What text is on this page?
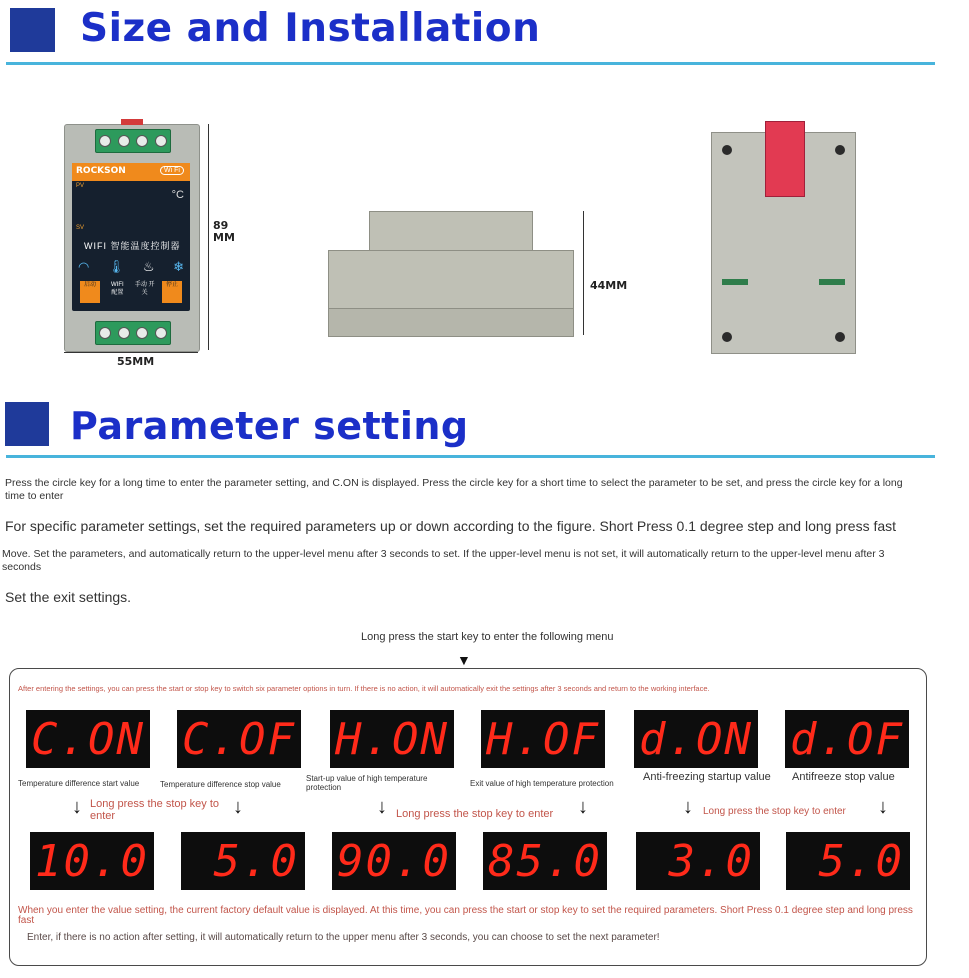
Size and Installation
ROCKSON	Wi Fi
PV
°C
SV
WIFI 智能温度控制器
◠ 🌡 ♨ ❄
启动	WIFI 配置
手动 开关
停止
89
MM
55MM
44MM
Parameter setting
Press the circle key for a long time to enter the parameter setting, and C.ON is displayed. Press the circle key for a short time to select the parameter to be set, and press the circle key for a long time to enter
For specific parameter settings, set the required parameters up or down according to the figure. Short Press 0.1 degree step and long press fast
Move. Set the parameters, and automatically return to the upper-level menu after 3 seconds to set. If the upper-level menu is not set, it will automatically return to the upper-level menu after 3 seconds
Set the exit settings.
Long press the start key to enter the following menu
▼
After entering the settings, you can press the start or stop key to switch six parameter options in turn. If there is no action, it will automatically exit the settings after 3 seconds and return to the working interface.
C.ON C.OF H.ON H.OF d.ON d.OF
Temperature difference start value	Temperature difference stop value
Start-up value of high temperature protection	Exit value of high temperature protection
Anti-freezing startup value	Antifreeze stop value
↓	↓	↓	↓	↓	↓
Long press the stop key to enter	Long press the stop key to enter	Long press the stop key to enter
10.0	5.0 90.0 85.0	3.0	5.0
When you enter the value setting, the current factory default value is displayed. At this time, you can press the start or stop key to set the required parameters. Short Press 0.1 degree step and long press fast
Enter, if there is no action after setting, it will automatically return to the upper menu after 3 seconds, you can choose to set the next parameter!
